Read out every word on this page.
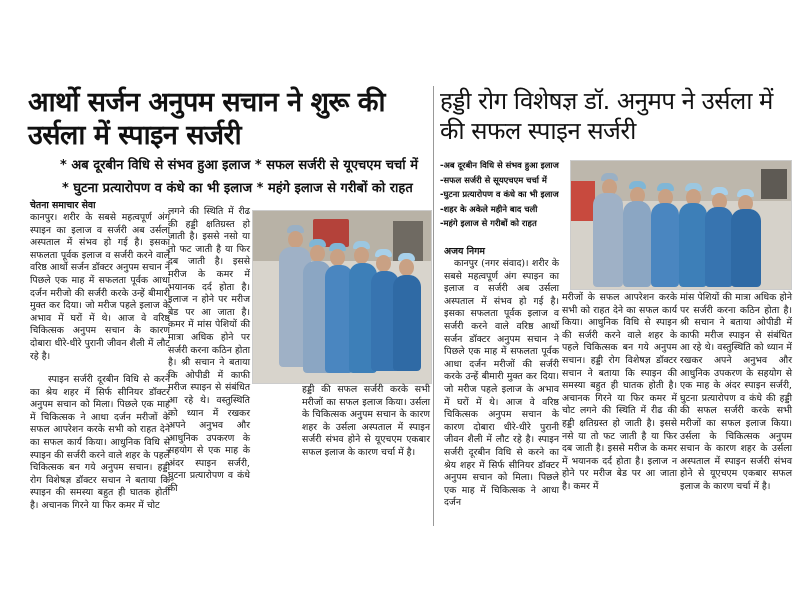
आर्थो सर्जन अनुपम सचान ने शुरू की उर्सला में स्पाइन सर्जरी
* अब दूरबीन विधि से संभव हुआ इलाज * सफल सर्जरी से यूएचएम चर्चा में
* घुटना प्रत्यारोपण व कंधे का भी इलाज * महंगे इलाज से गरीबों को राहत
चेतना समाचार सेवा
कानपुर। शरीर के सबसे महत्वपूर्ण अंग स्पाइन का इलाज व सर्जरी अब उर्सला अस्पताल में संभव हो गई है। इसका सफलता पूर्वक इलाज व सर्जरी करने वाले वरिष्ठ आर्थो सर्जन डॉक्टर अनुपम सचान ने पिछले एक माह में सफलता पूर्वक आधा दर्जन मरीजो की सर्जरी करके उन्हें बीमारी मुक्त कर दिया। जो मरीज पहले इलाज के अभाव में घरों में थे। आज वे वरिष्ठ चिकित्सक अनुपम सचान के कारण दोबारा धीरे-धीरे पुरानी जीवन शैली में लौट रहे है।
स्पाइन सर्जरी दूरबीन विधि से करने का श्रेय शहर में सिर्फ सीनियर डॉक्टर अनुपम सचान को मिला। पिछले एक माह में चिकित्सक ने आधा दर्जन मरीजों के सफल आपरेशन करके सभी को राहत देने का सफल कार्य किया। आधुनिक विधि से स्पाइन की सर्जरी करने वाले शहर के पहले चिकित्सक बन गये अनुपम सचान। हड्डी रोग विशेषज्ञ डॉक्टर सचान ने बताया कि स्पाइन की समस्या बहुत ही घातक होती है। अचानक गिरने या फिर कमर में चोट
लगने की स्थिति में रीढ की हड्डी क्षतिग्रस्त हो जाती है। इससे नसो या तो फट जाती है या फिर दब जाती है। इससे मरीज के कमर में भयानक दर्द होता है। इलाज न होने पर मरीज बेड पर आ जाता है। कमर में मांस पेशियों की मात्रा अधिक होने पर सर्जरी करना कठिन होता है। श्री सचान ने बताया कि ओपीडी में काफी मरीज स्पाइन से संबंधित आ रहे थे। वस्तुस्थिति को ध्यान में रखकर अपने अनुभव और आधुनिक उपकरण के सहयोग से एक माह के अंदर स्पाइन सर्जरी, घुटना प्रत्यारोपण व कंधे की
हड्डी की सफल सर्जरी करके सभी मरीजों का सफल इलाज किया। उर्सला के चिकित्सक अनुपम सचान के कारण शहर के उर्सला अस्पताल में स्पाइन सर्जरी संभव होने से यूएचएम एकबार सफल इलाज के कारण चर्चा में है।
हड्डी रोग विशेषज्ञ डॉ. अनुमप ने उर्सला में की सफल स्पाइन सर्जरी
-अब दूरबीन विधि से संभव हुआ इलाज
-सफल सर्जरी से सूयएचएम चर्चा में
-घुटना प्रत्यारोपण व कंधे का भी इलाज
-शहर के अकेले महीने बाद चली
-महंगे इलाज से गरीबों को राहत
अजय निगम
कानपुर (नगर संवाद)। शरीर के सबसे महत्वपूर्ण अंग स्पाइन का इलाज व सर्जरी अब उर्सला अस्पताल में संभव हो गई है। इसका सफलता पूर्वक इलाज व सर्जरी करने वाले वरिष्ठ आर्थो सर्जन डॉक्टर अनुपम सचान ने पिछले एक माह में सफलता पूर्वक आधा दर्जन मरीजों की सर्जरी करके उन्हें बीमारी मुक्त कर दिया। जो मरीज पहले इलाज के अभाव में घरों में थे। आज वे वरिष्ठ चिकित्सक अनुपम सचान के कारण दोबारा धीरे-धीरे पुरानी जीवन शैली में लौट रहे है। स्पाइन सर्जरी दूरबीन विधि से करने का श्रेय शहर में सिर्फ सीनियर डॉक्टर अनुपम सचान को मिला। पिछले एक माह में चिकित्सक ने आधा दर्जन
मरीजों के सफल आपरेशन करके सभी को राहत देने का सफल कार्य किया। आधुनिक विधि से स्पाइन की सर्जरी करने वाले शहर के पहले चिकित्सक बन गये अनुपम सचान। हड्डी रोग विशेषज्ञ डॉक्टर सचान ने बताया कि स्पाइन की समस्या बहुत ही घातक होती है। अचानक गिरने या फिर कमर में चोट लगने की स्थिति में रीढ की हड्डी क्षतिग्रस्त हो जाती है। इससे नसे या तो फट जाती है या फिर दब जाती है। इससे मरीज के कमर में भयानक दर्द होता है। इलाज न होने पर मरीज बेड पर आ जाता है। कमर में
मांस पेशियों की मात्रा अधिक होने पर सर्जरी करना कठिन होता है। श्री सचान ने बताया ओपीडी में काफी मरीज स्पाइन से संबंधित आ रहे थे। वस्तुस्थिति को ध्यान में रखकर अपने अनुभव और आधुनिक उपकरण के सहयोग से एक माह के अंदर स्पाइन सर्जरी, घुटना प्रत्यारोपण व कंधे की हड्डी की सफल सर्जरी करके सभी मरीजों का सफल इलाज किया। उर्सला के चिकित्सक अनुपम सचान के कारण शहर के उर्सला अस्पताल में स्पाइन सर्जरी संभव होने से यूएचएम एकबार सफल इलाज के कारण चर्चा में है।
